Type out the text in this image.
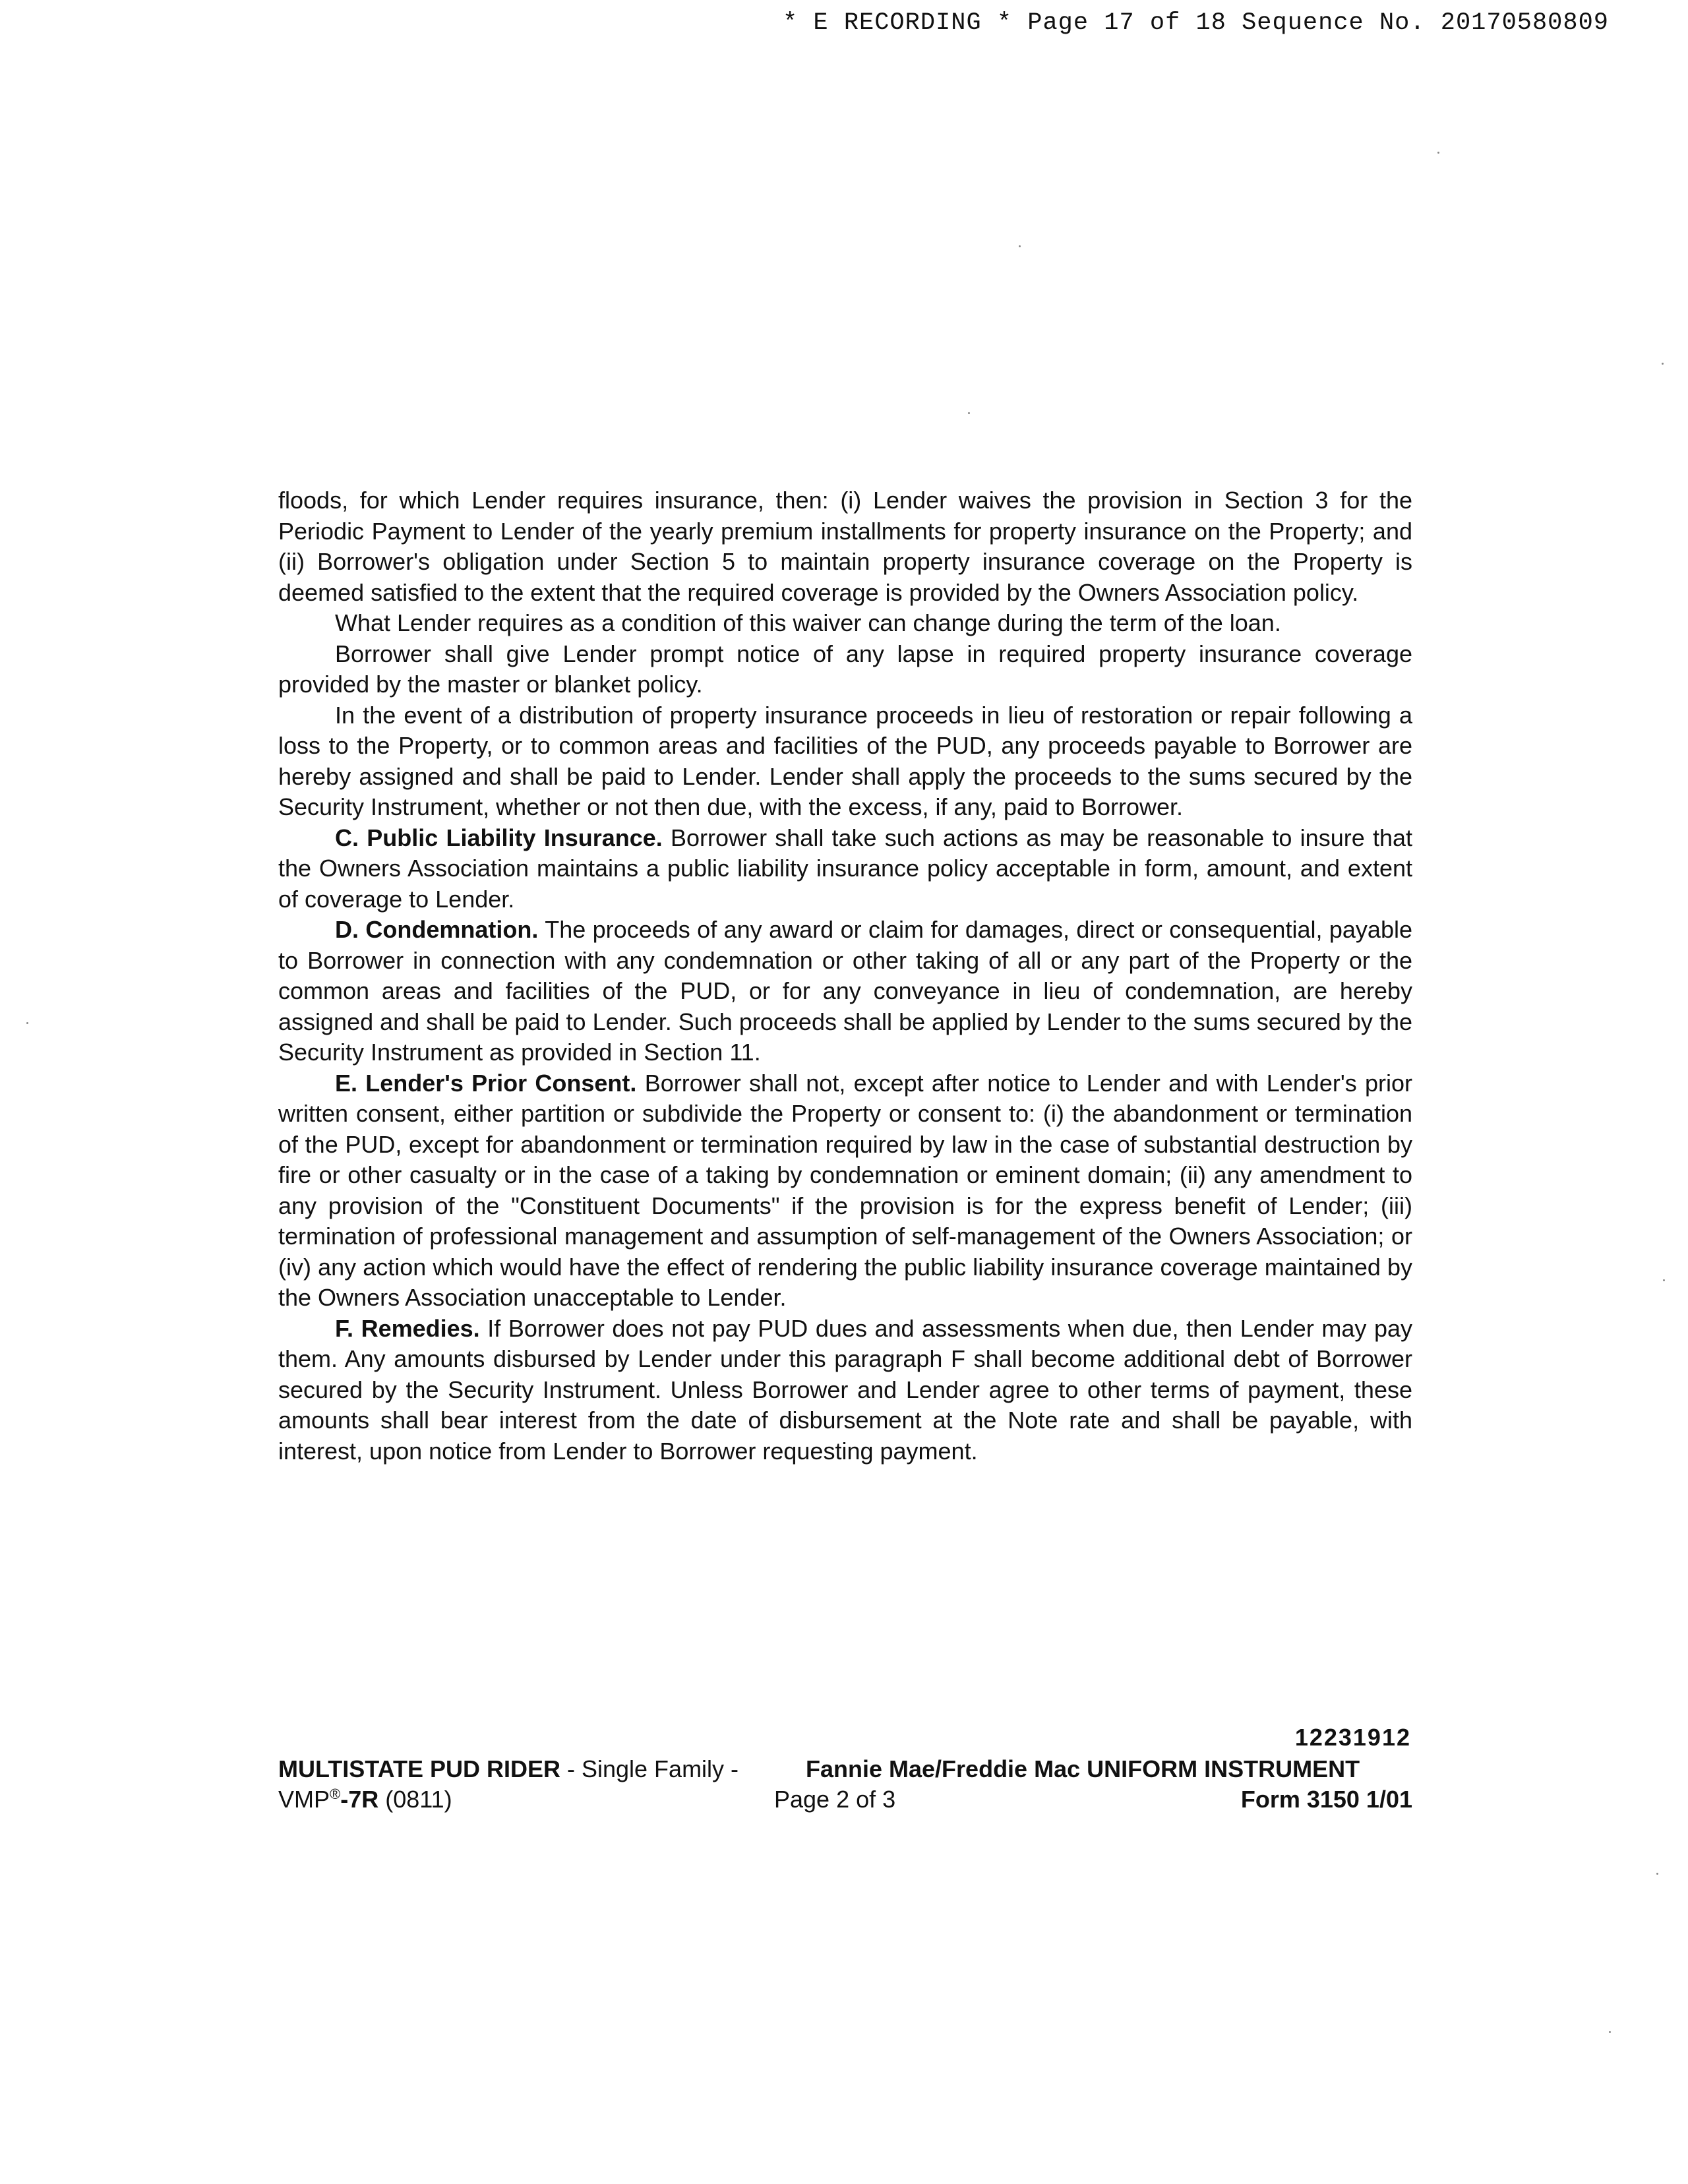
* E RECORDING * Page 17 of 18 Sequence No. 20170580809

floods, for which Lender requires insurance, then: (i) Lender waives the provision in Section 3 for the Periodic Payment to Lender of the yearly premium installments for property insurance on the Property; and (ii) Borrower's obligation under Section 5 to maintain property insurance coverage on the Property is deemed satisfied to the extent that the required coverage is provided by the Owners Association policy.

What Lender requires as a condition of this waiver can change during the term of the loan.

Borrower shall give Lender prompt notice of any lapse in required property insurance coverage provided by the master or blanket policy.

In the event of a distribution of property insurance proceeds in lieu of restoration or repair following a loss to the Property, or to common areas and facilities of the PUD, any proceeds payable to Borrower are hereby assigned and shall be paid to Lender. Lender shall apply the proceeds to the sums secured by the Security Instrument, whether or not then due, with the excess, if any, paid to Borrower.

C. Public Liability Insurance. Borrower shall take such actions as may be reasonable to insure that the Owners Association maintains a public liability insurance policy acceptable in form, amount, and extent of coverage to Lender.

D. Condemnation. The proceeds of any award or claim for damages, direct or consequential, payable to Borrower in connection with any condemnation or other taking of all or any part of the Property or the common areas and facilities of the PUD, or for any conveyance in lieu of condemnation, are hereby assigned and shall be paid to Lender. Such proceeds shall be applied by Lender to the sums secured by the Security Instrument as provided in Section 11.

E. Lender's Prior Consent. Borrower shall not, except after notice to Lender and with Lender's prior written consent, either partition or subdivide the Property or consent to: (i) the abandonment or termination of the PUD, except for abandonment or termination required by law in the case of substantial destruction by fire or other casualty or in the case of a taking by condemnation or eminent domain; (ii) any amendment to any provision of the "Constituent Documents" if the provision is for the express benefit of Lender; (iii) termination of professional management and assumption of self-management of the Owners Association; or (iv) any action which would have the effect of rendering the public liability insurance coverage maintained by the Owners Association unacceptable to Lender.

F. Remedies. If Borrower does not pay PUD dues and assessments when due, then Lender may pay them. Any amounts disbursed by Lender under this paragraph F shall become additional debt of Borrower secured by the Security Instrument. Unless Borrower and Lender agree to other terms of payment, these amounts shall bear interest from the date of disbursement at the Note rate and shall be payable, with interest, upon notice from Lender to Borrower requesting payment.

12231912
MULTISTATE PUD RIDER - Single Family -	Fannie Mae/Freddie Mac UNIFORM INSTRUMENT
VMP®-7R (0811)	Page 2 of 3	Form 3150 1/01
